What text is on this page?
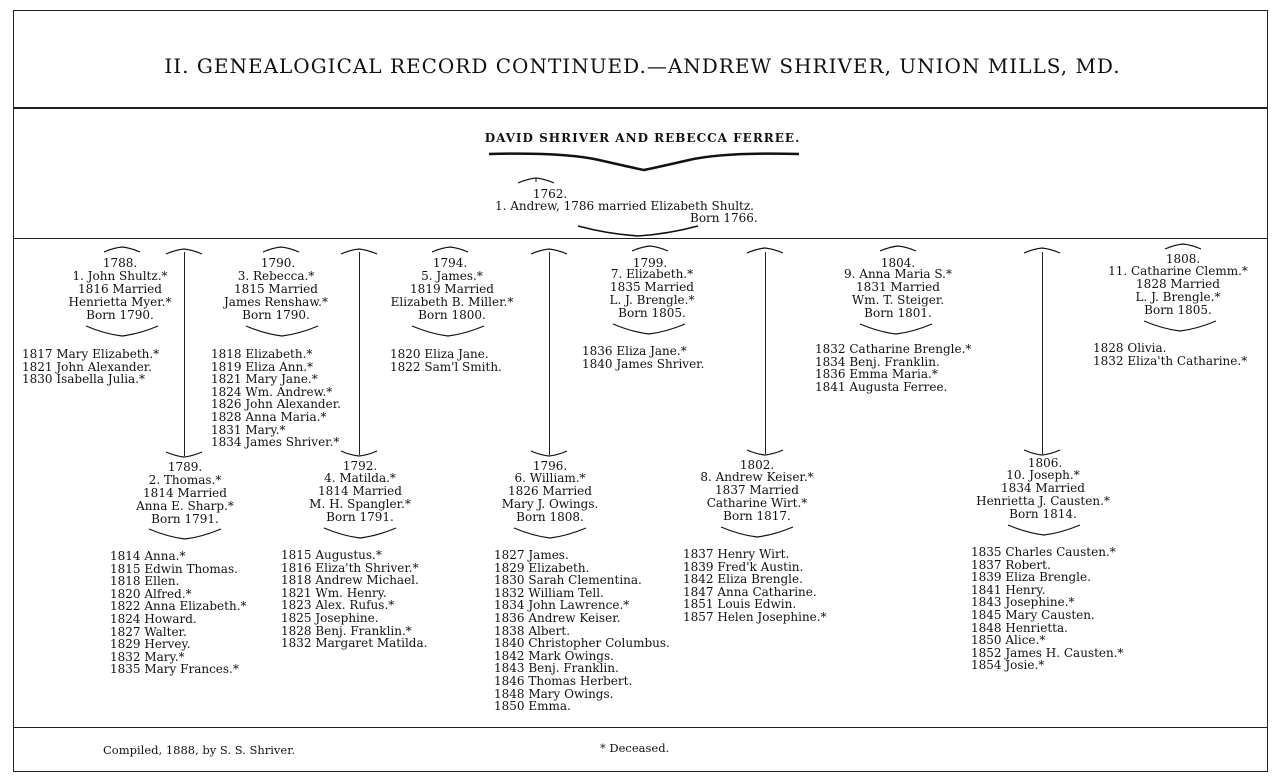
II. GENEALOGICAL RECORD CONTINUED.—ANDREW SHRIVER, UNION MILLS, MD.
DAVID SHRIVER AND REBECCA FERREE.
1762.
1. Andrew, 1786 married Elizabeth Shultz.
Born 1766.
1788.
1. John Shultz.*
1816 Married
Henrietta Myer.*
Born 1790.
1817 Mary Elizabeth.*
1821 John Alexander.
1830 Isabella Julia.*
1790.
3. Rebecca.*
1815 Married
James Renshaw.*
Born 1790.
1818 Elizabeth.*
1819 Eliza Ann.*
1821 Mary Jane.*
1824 Wm. Andrew.*
1826 John Alexander.
1828 Anna Maria.*
1831 Mary.*
1834 James Shriver.*
1794.
5. James.*
1819 Married
Elizabeth B. Miller.*
Born 1800.
1820 Eliza Jane.
1822 Sam'l Smith.
1799.
7. Elizabeth.*
1835 Married
L. J. Brengle.*
Born 1805.
1836 Eliza Jane.*
1840 James Shriver.
1804.
9. Anna Maria S.*
1831 Married
Wm. T. Steiger.
Born 1801.
1832 Catharine Brengle.*
1834 Benj. Franklin.
1836 Emma Maria.*
1841 Augusta Ferree.
1808.
11. Catharine Clemm.*
1828 Married
L. J. Brengle.*
Born 1805.
1828 Olivia.
1832 Eliza'th Catharine.*
1789.
2. Thomas.*
1814 Married
Anna E. Sharp.*
Born 1791.
1814 Anna.*
1815 Edwin Thomas.
1818 Ellen.
1820 Alfred.*
1822 Anna Elizabeth.*
1824 Howard.
1827 Walter.
1829 Hervey.
1832 Mary.*
1835 Mary Frances.*
1792.
4. Matilda.*
1814 Married
M. H. Spangler.*
Born 1791.
1815 Augustus.*
1816 Eliza'th Shriver.*
1818 Andrew Michael.
1821 Wm. Henry.
1823 Alex. Rufus.*
1825 Josephine.
1828 Benj. Franklin.*
1832 Margaret Matilda.
1796.
6. William.*
1826 Married
Mary J. Owings.
Born 1808.
1827 James.
1829 Elizabeth.
1830 Sarah Clementina.
1832 William Tell.
1834 John Lawrence.*
1836 Andrew Keiser.
1838 Albert.
1840 Christopher Columbus.
1842 Mark Owings.
1843 Benj. Franklin.
1846 Thomas Herbert.
1848 Mary Owings.
1850 Emma.
1802.
8. Andrew Keiser.*
1837 Married
Catharine Wirt.*
Born 1817.
1837 Henry Wirt.
1839 Fred'k Austin.
1842 Eliza Brengle.
1847 Anna Catharine.
1851 Louis Edwin.
1857 Helen Josephine.*
1806.
10. Joseph.*
1834 Married
Henrietta J. Causten.*
Born 1814.
1835 Charles Causten.*
1837 Robert.
1839 Eliza Brengle.
1841 Henry.
1843 Josephine.*
1845 Mary Causten.
1848 Henrietta.
1850 Alice.*
1852 James H. Causten.*
1854 Josie.*
Compiled, 1888, by S. S. Shriver.	* Deceased.
